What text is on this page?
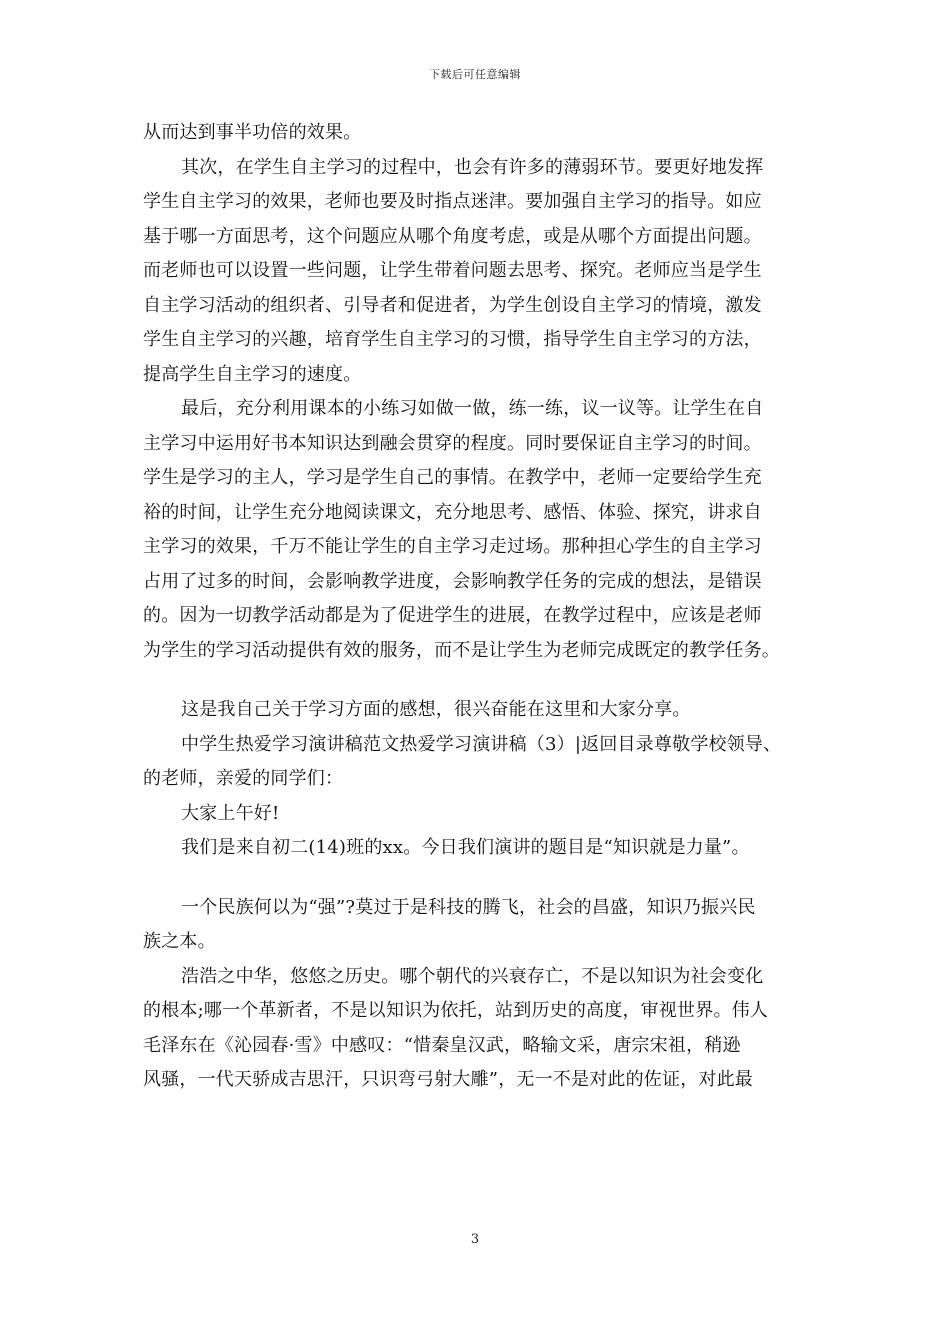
下载后可任意编辑
从而达到事半功倍的效果。
其次，在学生自主学习的过程中，也会有许多的薄弱环节。要更好地发挥
学生自主学习的效果，老师也要及时指点迷津。要加强自主学习的指导。如应
基于哪一方面思考，这个问题应从哪个角度考虑，或是从哪个方面提出问题。
而老师也可以设置一些问题，让学生带着问题去思考、探究。老师应当是学生
自主学习活动的组织者、引导者和促进者，为学生创设自主学习的情境，激发
学生自主学习的兴趣，培育学生自主学习的习惯，指导学生自主学习的方法，
提高学生自主学习的速度。
最后，充分利用课本的小练习如做一做，练一练，议一议等。让学生在自
主学习中运用好书本知识达到融会贯穿的程度。同时要保证自主学习的时间。
学生是学习的主人，学习是学生自己的事情。在教学中，老师一定要给学生充
裕的时间，让学生充分地阅读课文，充分地思考、感悟、体验、探究，讲求自
主学习的效果，千万不能让学生的自主学习走过场。那种担心学生的自主学习
占用了过多的时间，会影响教学进度，会影响教学任务的完成的想法，是错误
的。因为一切教学活动都是为了促进学生的进展，在教学过程中，应该是老师
为学生的学习活动提供有效的服务，而不是让学生为老师完成既定的教学任务。
这是我自己关于学习方面的感想，很兴奋能在这里和大家分享。
中学生热爱学习演讲稿范文热爱学习演讲稿（3）|返回目录尊敬学校领导、
的老师，亲爱的同学们：
大家上午好!
我们是来自初二(14)班的xx。今日我们演讲的题目是“知识就是力量”。
一个民族何以为“强”?莫过于是科技的腾飞，社会的昌盛，知识乃振兴民
族之本。
浩浩之中华，悠悠之历史。哪个朝代的兴衰存亡，不是以知识为社会变化
的根本;哪一个革新者，不是以知识为依托，站到历史的高度，审视世界。伟人
毛泽东在《沁园春·雪》中感叹：“惜秦皇汉武，略输文采，唐宗宋祖，稍逊
风骚，一代天骄成吉思汗，只识弯弓射大雕”，无一不是对此的佐证，对此最
3
